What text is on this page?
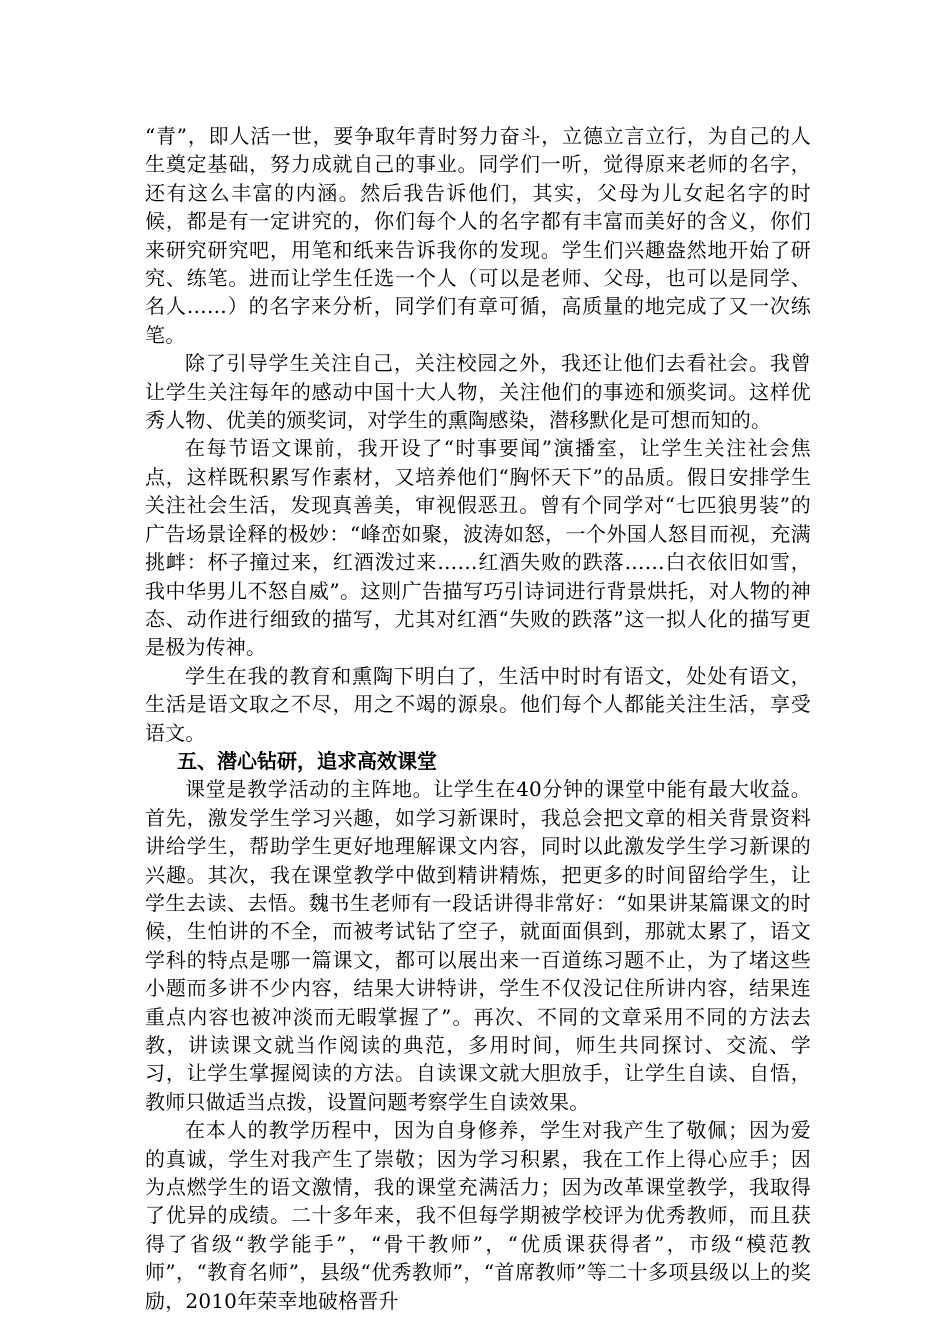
“青”，即人活一世，要争取年青时努力奋斗，立德立言立行，为自己的人生奠定基础，努力成就自己的事业。同学们一听，觉得原来老师的名字，还有这么丰富的内涵。然后我告诉他们，其实，父母为儿女起名字的时候，都是有一定讲究的，你们每个人的名字都有丰富而美好的含义，你们来研究研究吧，用笔和纸来告诉我你的发现。学生们兴趣盎然地开始了研究、练笔。进而让学生任选一个人（可以是老师、父母，也可以是同学、名人……）的名字来分析，同学们有章可循，高质量的地完成了又一次练笔。

除了引导学生关注自己，关注校园之外，我还让他们去看社会。我曾让学生关注每年的感动中国十大人物，关注他们的事迹和颁奖词。这样优秀人物、优美的颁奖词，对学生的熏陶感染，潜移默化是可想而知的。

在每节语文课前，我开设了“时事要闻”演播室，让学生关注社会焦点，这样既积累写作素材，又培养他们“胸怀天下”的品质。假日安排学生关注社会生活，发现真善美，审视假恶丑。曾有个同学对“七匹狼男装”的广告场景诠释的极妙：“峰峦如聚，波涛如怒，一个外国人怒目而视，充满挑衅：杯子撞过来，红酒泼过来……红酒失败的跌落……白衣依旧如雪，我中华男儿不怒自威”。这则广告描写巧引诗词进行背景烘托，对人物的神态、动作进行细致的描写，尤其对红酒“失败的跌落”这一拟人化的描写更是极为传神。

学生在我的教育和熏陶下明白了，生活中时时有语文，处处有语文，生活是语文取之不尽，用之不竭的源泉。他们每个人都能关注生活，享受语文。

五、潜心钻研，追求高效课堂

课堂是教学活动的主阵地。让学生在40分钟的课堂中能有最大收益。首先，激发学生学习兴趣，如学习新课时，我总会把文章的相关背景资料讲给学生，帮助学生更好地理解课文内容，同时以此激发学生学习新课的兴趣。其次，我在课堂教学中做到精讲精炼，把更多的时间留给学生，让学生去读、去悟。魏书生老师有一段话讲得非常好：“如果讲某篇课文的时候，生怕讲的不全，而被考试钻了空子，就面面俱到，那就太累了，语文学科的特点是哪一篇课文，都可以展出来一百道练习题不止，为了堵这些小题而多讲不少内容，结果大讲特讲，学生不仅没记住所讲内容，结果连重点内容也被冲淡而无暇掌握了”。再次、不同的文章采用不同的方法去教，讲读课文就当作阅读的典范，多用时间，师生共同探讨、交流、学习，让学生掌握阅读的方法。自读课文就大胆放手，让学生自读、自悟，教师只做适当点拨，设置问题考察学生自读效果。

在本人的教学历程中，因为自身修养，学生对我产生了敬佩；因为爱的真诚，学生对我产生了崇敬；因为学习积累，我在工作上得心应手；因为点燃学生的语文激情，我的课堂充满活力；因为改革课堂教学，我取得了优异的成绩。二十多年来，我不但每学期被学校评为优秀教师，而且获得了省级“教学能手”，“骨干教师”，“优质课获得者”，市级“模范教师”，“教育名师”，县级“优秀教师”，“首席教师”等二十多项县级以上的奖励，2010年荣幸地破格晋升
